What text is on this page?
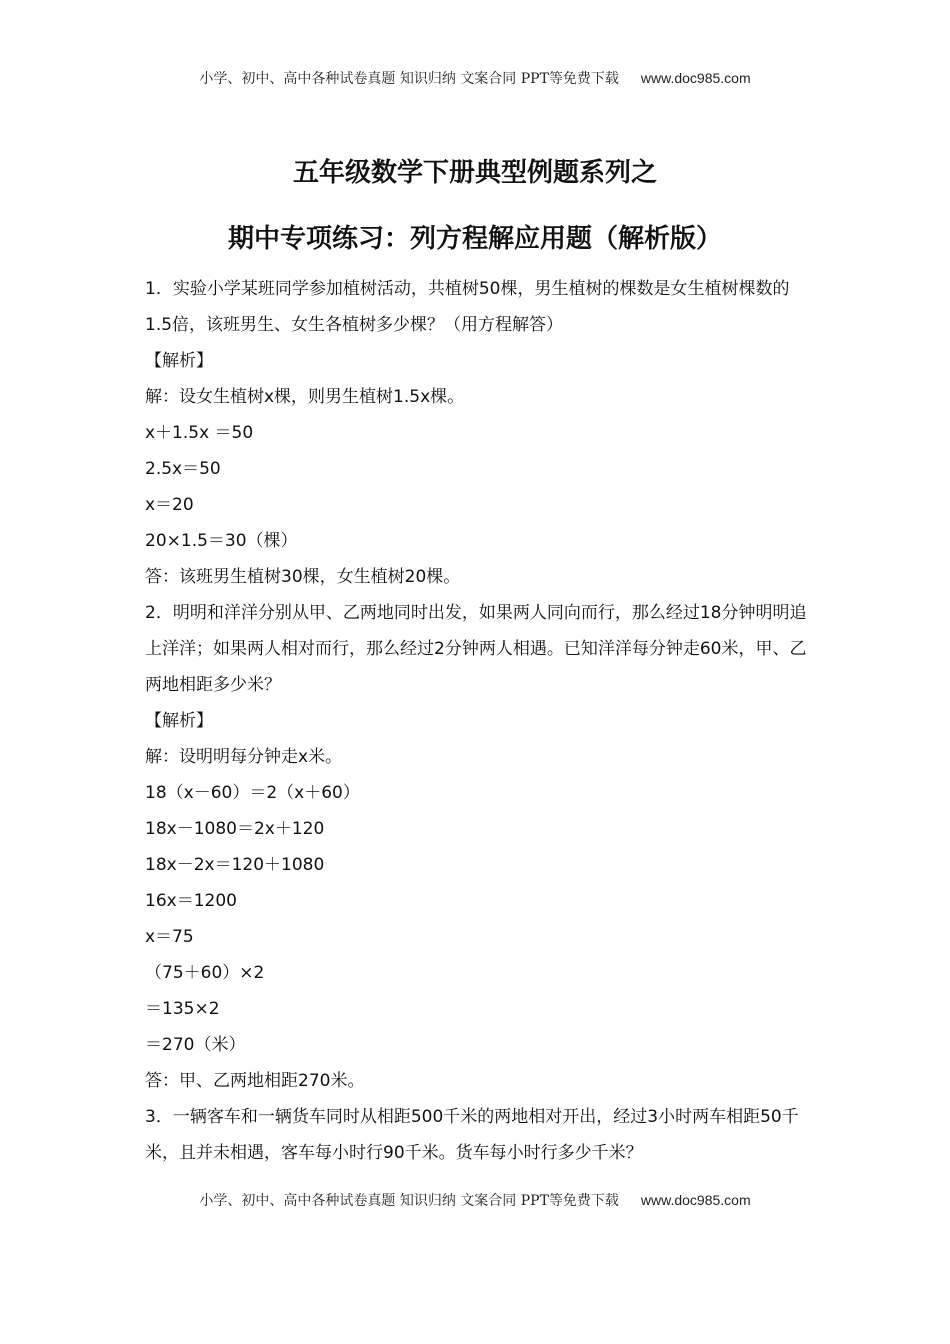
小学、初中、高中各种试卷真题 知识归纳 文案合同 PPT等免费下载 www.doc985.com
五年级数学下册典型例题系列之
期中专项练习：列方程解应用题（解析版）
1．实验小学某班同学参加植树活动，共植树50棵，男生植树的棵数是女生植树棵数的1.5倍，该班男生、女生各植树多少棵？（用方程解答）
【解析】
解：设女生植树x棵，则男生植树1.5x棵。
x＋1.5x ＝50
2.5x＝50
x＝20
20×1.5＝30（棵）
答：该班男生植树30棵，女生植树20棵。
2．明明和洋洋分别从甲、乙两地同时出发，如果两人同向而行，那么经过18分钟明明追上洋洋；如果两人相对而行，那么经过2分钟两人相遇。已知洋洋每分钟走60米，甲、乙两地相距多少米？
【解析】
解：设明明每分钟走x米。
18（x－60）＝2（x＋60）
18x－1080＝2x＋120
18x－2x＝120＋1080
16x＝1200
x＝75
（75＋60）×2
＝135×2
＝270（米）
答：甲、乙两地相距270米。
3．一辆客车和一辆货车同时从相距500千米的两地相对开出，经过3小时两车相距50千米，且并未相遇，客车每小时行90千米。货车每小时行多少千米？
小学、初中、高中各种试卷真题 知识归纳 文案合同 PPT等免费下载 www.doc985.com
